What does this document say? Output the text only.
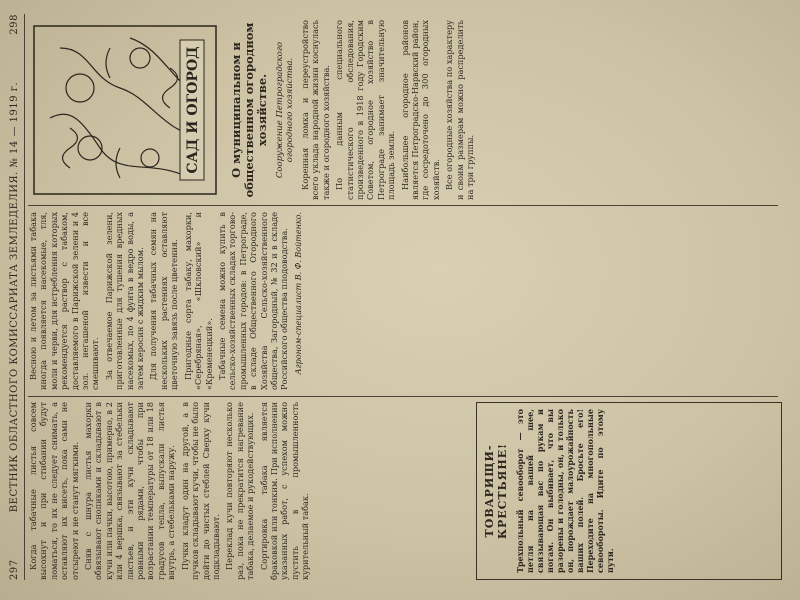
297
ВЕСТНИК ОБЛАСТНОГО КОМИССАРИАТА ЗЕМЛЕДЕЛИЯ. № 14 — 1919 г.
298

Когда табачные листья совсем высохнут и при стибании будут ломаться, то их не следует снимать, а оставляют их висеть, пока сами не отсыреют и не станут мягкими. Сняв с шнура листья махорки обвязывают снопиками и складывают в кучи или пачки, высотою, примерно, в 2 или 4 вершка, связывают за стебельки листьев, и эти кучи складывают ровными рядами, чтобы при возрастании температуры от 18 или 18 градусов тепла, выпускали листья внутрь, а стебельками наружу. Пучки кладут один на другой, а в пучков складывают кучи, чтобы не было дойти до чистых стеблей Сверху кучи подкладывают. Переклад кучи повторяют несколько раз, пока не прекратится нагревание табака, делаемое и рукодействующих. Сортировка табака является браковкой или тонким. При исполнении указанных работ, с успехом можно пустить в промышленность курительный табак.	ТОВАРИЩИ-КРЕСТЬЯНЕ! Трехпольный севооборот — это петля на вашей шее, связывающая вас по рукам и ногам. Он выбивает, что вы разорены и голодны, он, и только он, порождает малоурожайность ваших полей. Бросьте его! Переходите на многопольные севообороты. Идите по этому пути.

Весною и летом за листьями табака иногда появляется насекомые, тля, моли и черви, для истребления которых рекомендуется раствор с табаком, доставляемого в Парижской зелени и 4 зол. негашеной извести и все смешивают. За отвечаемое Парижской зелени, приготовленные для тушения вредных насекомых, по 4 фунта в ведро воды, а затем керосин с жидким мылом. Для получения табачных семян на нескольких растениях оставляют цветочную завязь после цветения. Пригодные сорта табаку, махорки, «Серебряная», «Шкловский» и «Кременецкий». Табачные семена можно купить в сельско-хозяйственных складах торгово-промышленных городов: в Петрограде, в складе Общественного Огородного Хозяйства Сельско-хозяйственного общества, Загородный, № 32 и в складе Российского общества плодоводства. Агроном-специалист В. Ф. Войтенко.
САД И ОГОРОД О муниципальном и общественном огородном хозяйстве. Сооружение Петроградского огородного хозяйства. Коренная ломка и переустройство всего уклада народной жизни коснулась также и огородного хозяйства. По данным специального статистического обследования, произведенного в 1918 году Городским Советом, огородное хозяйство в Петрограде занимает значительную площадь земли. Наибольшее огородное районов является Петроградско-Нарвский район, где сосредоточено до 300 огородных хозяйств. Все огородные хозяйства по характеру и своим размерам можно распределить на три группы.
